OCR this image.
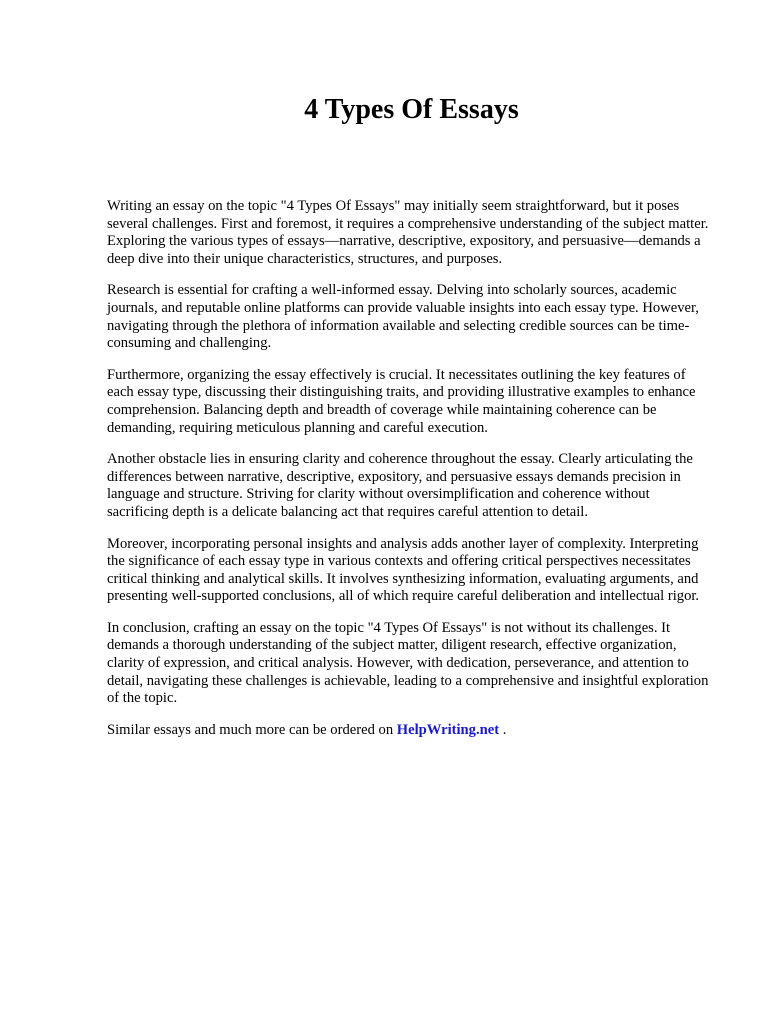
4 Types Of Essays

Writing an essay on the topic "4 Types Of Essays" may initially seem straightforward, but it poses several challenges. First and foremost, it requires a comprehensive understanding of the subject matter. Exploring the various types of essays—narrative, descriptive, expository, and persuasive—demands a deep dive into their unique characteristics, structures, and purposes.

Research is essential for crafting a well-informed essay. Delving into scholarly sources, academic journals, and reputable online platforms can provide valuable insights into each essay type. However, navigating through the plethora of information available and selecting credible sources can be time-consuming and challenging.

Furthermore, organizing the essay effectively is crucial. It necessitates outlining the key features of each essay type, discussing their distinguishing traits, and providing illustrative examples to enhance comprehension. Balancing depth and breadth of coverage while maintaining coherence can be demanding, requiring meticulous planning and careful execution.

Another obstacle lies in ensuring clarity and coherence throughout the essay. Clearly articulating the differences between narrative, descriptive, expository, and persuasive essays demands precision in language and structure. Striving for clarity without oversimplification and coherence without sacrificing depth is a delicate balancing act that requires careful attention to detail.

Moreover, incorporating personal insights and analysis adds another layer of complexity. Interpreting the significance of each essay type in various contexts and offering critical perspectives necessitates critical thinking and analytical skills. It involves synthesizing information, evaluating arguments, and presenting well-supported conclusions, all of which require careful deliberation and intellectual rigor.

In conclusion, crafting an essay on the topic "4 Types Of Essays" is not without its challenges. It demands a thorough understanding of the subject matter, diligent research, effective organization, clarity of expression, and critical analysis. However, with dedication, perseverance, and attention to detail, navigating these challenges is achievable, leading to a comprehensive and insightful exploration of the topic.

Similar essays and much more can be ordered on HelpWriting.net .
